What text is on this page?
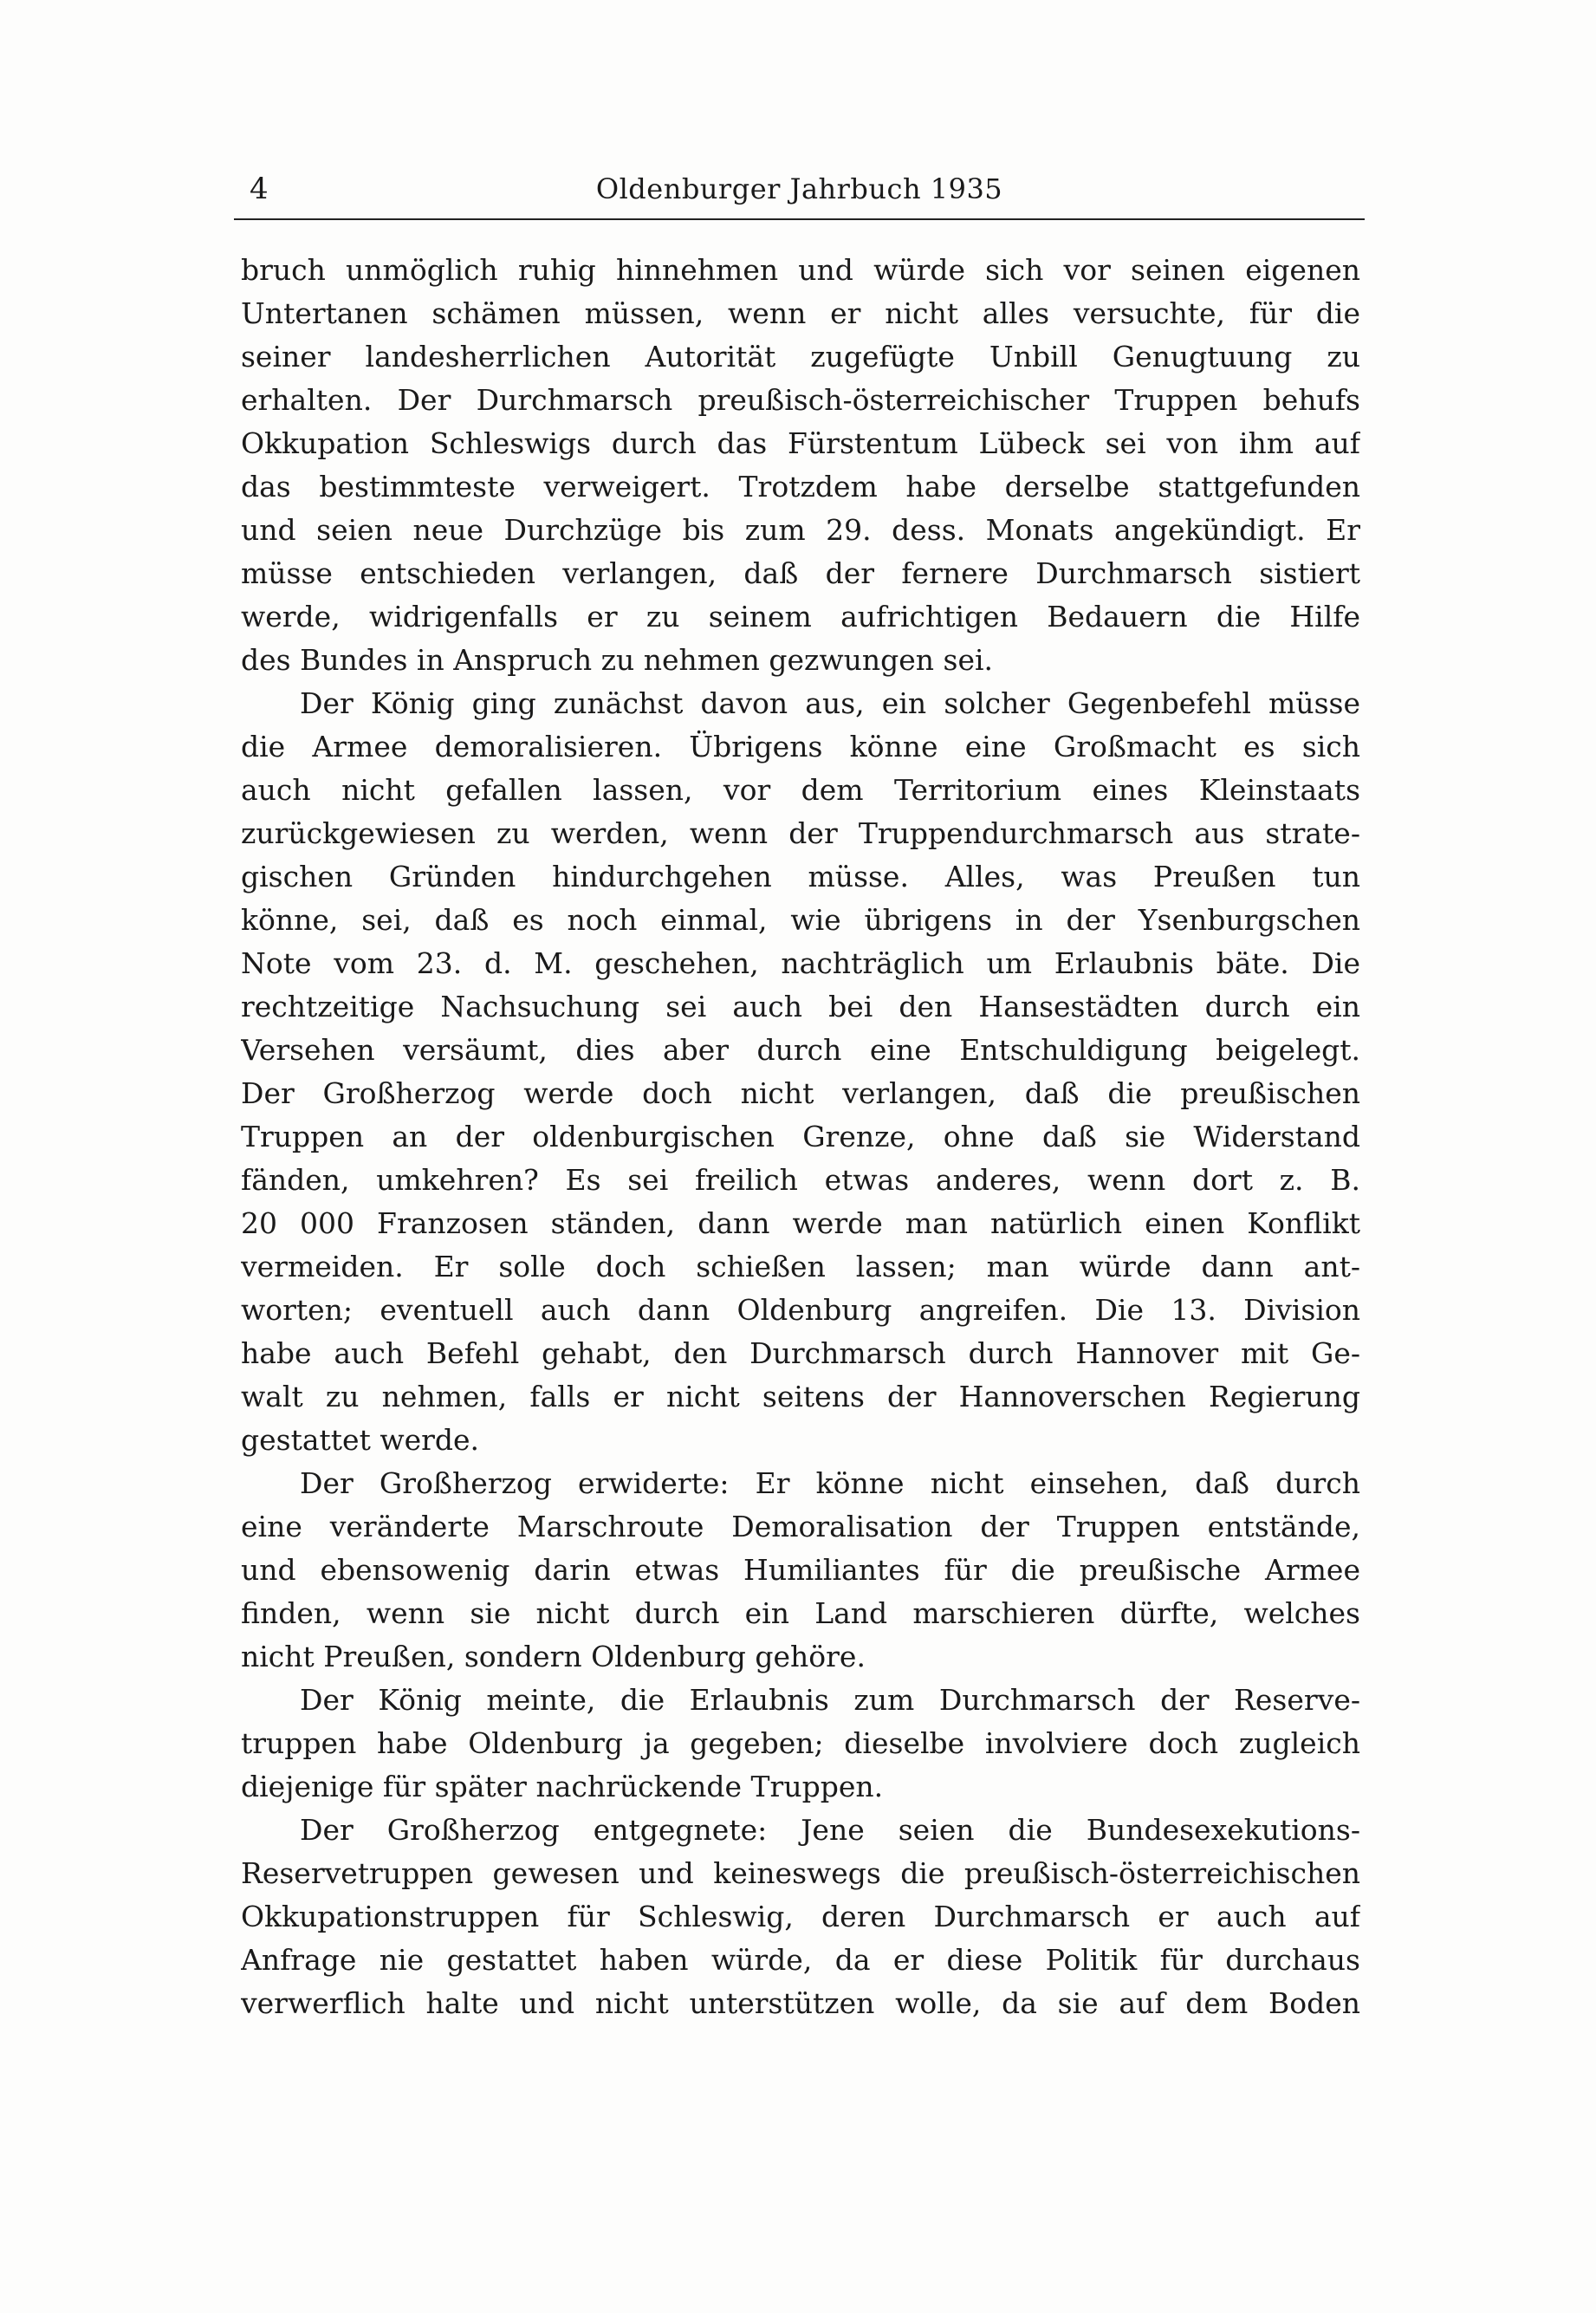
4	Oldenburger Jahrbuch 1935
bruch unmöglich ruhig hinnehmen und würde sich vor seinen eigenen
Untertanen schämen müssen, wenn er nicht alles versuchte, für die
seiner landesherrlichen Autorität zugefügte Unbill Genugtuung zu
erhalten. Der Durchmarsch preußisch-österreichischer Truppen behufs
Okkupation Schleswigs durch das Fürstentum Lübeck sei von ihm auf
das bestimmteste verweigert. Trotzdem habe derselbe stattgefunden
und seien neue Durchzüge bis zum 29. dess. Monats angekündigt. Er
müsse entschieden verlangen, daß der fernere Durchmarsch sistiert
werde, widrigenfalls er zu seinem aufrichtigen Bedauern die Hilfe
des Bundes in Anspruch zu nehmen gezwungen sei.
Der König ging zunächst davon aus, ein solcher Gegenbefehl müsse
die Armee demoralisieren. Übrigens könne eine Großmacht es sich
auch nicht gefallen lassen, vor dem Territorium eines Kleinstaats
zurückgewiesen zu werden, wenn der Truppendurchmarsch aus strate-
gischen Gründen hindurchgehen müsse. Alles, was Preußen tun
könne, sei, daß es noch einmal, wie übrigens in der Ysenburgschen
Note vom 23. d. M. geschehen, nachträglich um Erlaubnis bäte. Die
rechtzeitige Nachsuchung sei auch bei den Hansestädten durch ein
Versehen versäumt, dies aber durch eine Entschuldigung beigelegt.
Der Großherzog werde doch nicht verlangen, daß die preußischen
Truppen an der oldenburgischen Grenze, ohne daß sie Widerstand
fänden, umkehren? Es sei freilich etwas anderes, wenn dort z. B.
20 000 Franzosen ständen, dann werde man natürlich einen Konflikt
vermeiden. Er solle doch schießen lassen; man würde dann ant-
worten; eventuell auch dann Oldenburg angreifen. Die 13. Division
habe auch Befehl gehabt, den Durchmarsch durch Hannover mit Ge-
walt zu nehmen, falls er nicht seitens der Hannoverschen Regierung
gestattet werde.
Der Großherzog erwiderte: Er könne nicht einsehen, daß durch
eine veränderte Marschroute Demoralisation der Truppen entstände,
und ebensowenig darin etwas Humiliantes für die preußische Armee
finden, wenn sie nicht durch ein Land marschieren dürfte, welches
nicht Preußen, sondern Oldenburg gehöre.
Der König meinte, die Erlaubnis zum Durchmarsch der Reserve-
truppen habe Oldenburg ja gegeben; dieselbe involviere doch zugleich
diejenige für später nachrückende Truppen.
Der Großherzog entgegnete: Jene seien die Bundesexekutions-
Reservetruppen gewesen und keineswegs die preußisch-österreichischen
Okkupationstruppen für Schleswig, deren Durchmarsch er auch auf
Anfrage nie gestattet haben würde, da er diese Politik für durchaus
verwerflich halte und nicht unterstützen wolle, da sie auf dem Boden
